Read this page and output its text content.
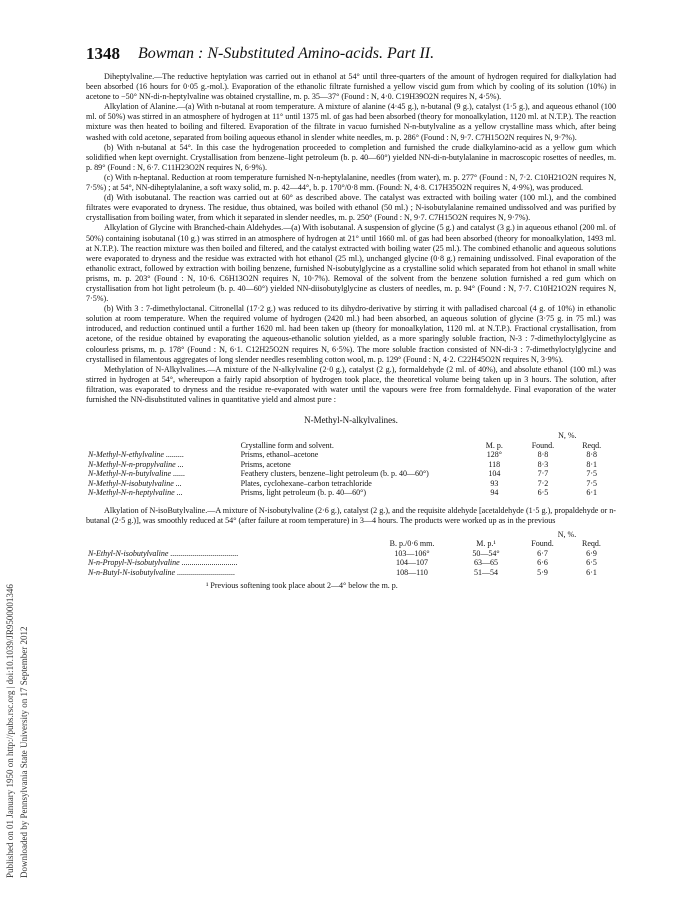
Published on 01 January 1950 on http://pubs.rsc.org | doi:10.1039/JR9500001346 Downloaded by Pennsylvania State University on 17 September 2012
1348 Bowman : N-Substituted Amino-acids. Part II.

Diheptylvaline.—The reductive heptylation was carried out in ethanol at 54° until three-quarters of the amount of hydrogen required for dialkylation had been absorbed (16 hours for 0·05 g.-mol.). Evaporation of the ethanolic filtrate furnished a yellow viscid gum from which by cooling of its solution (10%) in acetone to −50° NN-di-n-heptylvaline was obtained crystalline, m. p. 35—37° (Found : N, 4·0. C19H39O2N requires N, 4·5%).

Alkylation of Alanine.—(a) With n-butanal at room temperature. A mixture of alanine (4·45 g.), n-butanal (9 g.), catalyst (1·5 g.), and aqueous ethanol (100 ml. of 50%) was stirred in an atmosphere of hydrogen at 11° until 1375 ml. of gas had been absorbed (theory for monoalkylation, 1120 ml. at N.T.P.). The reaction mixture was then heated to boiling and filtered. Evaporation of the filtrate in vacuo furnished N-n-butylvaline as a yellow crystalline mass which, after being washed with cold acetone, separated from boiling aqueous ethanol in slender white needles, m. p. 286° (Found : N, 9·7. C7H15O2N requires N, 9·7%).

(b) With n-butanal at 54°. In this case the hydrogenation proceeded to completion and furnished the crude dialkylamino-acid as a yellow gum which solidified when kept overnight. Crystallisation from benzene–light petroleum (b. p. 40—60°) yielded NN-di-n-butylalanine in macroscopic rosettes of needles, m. p. 89° (Found : N, 6·7. C11H23O2N requires N, 6·9%).

(c) With n-heptanal. Reduction at room temperature furnished N-n-heptylalanine, needles (from water), m. p. 277° (Found : N, 7·2. C10H21O2N requires N, 7·5%) ; at 54°, NN-diheptylalanine, a soft waxy solid, m. p. 42—44°, b. p. 170°/0·8 mm. (Found: N, 4·8. C17H35O2N requires N, 4·9%), was produced.

(d) With isobutanal. The reaction was carried out at 60° as described above. The catalyst was extracted with boiling water (100 ml.), and the combined filtrates were evaporated to dryness. The residue, thus obtained, was boiled with ethanol (50 ml.) ; N-isobutylalanine remained undissolved and was purified by crystallisation from boiling water, from which it separated in slender needles, m. p. 250° (Found : N, 9·7. C7H15O2N requires N, 9·7%).

Alkylation of Glycine with Branched-chain Aldehydes.—(a) With isobutanal. A suspension of glycine (5 g.) and catalyst (3 g.) in aqueous ethanol (200 ml. of 50%) containing isobutanal (10 g.) was stirred in an atmosphere of hydrogen at 21° until 1660 ml. of gas had been absorbed (theory for monoalkylation, 1493 ml. at N.T.P.). The reaction mixture was then boiled and filtered, and the catalyst extracted with boiling water (25 ml.). The combined ethanolic and aqueous solutions were evaporated to dryness and the residue was extracted with hot ethanol (25 ml.), unchanged glycine (0·8 g.) remaining undissolved. Final evaporation of the ethanolic extract, followed by extraction with boiling benzene, furnished N-isobutylglycine as a crystalline solid which separated from hot ethanol in small white prisms, m. p. 203° (Found : N, 10·6. C6H13O2N requires N, 10·7%). Removal of the solvent from the benzene solution furnished a red gum which on crystallisation from hot light petroleum (b. p. 40—60°) yielded NN-diisobutylglycine as clusters of needles, m. p. 94° (Found : N, 7·7. C10H21O2N requires N, 7·5%).

(b) With 3 : 7-dimethyloctanal. Citronellal (17·2 g.) was reduced to its dihydro-derivative by stirring it with palladised charcoal (4 g. of 10%) in ethanolic solution at room temperature. When the required volume of hydrogen (2420 ml.) had been absorbed, an aqueous solution of glycine (3·75 g. in 75 ml.) was introduced, and reduction continued until a further 1620 ml. had been taken up (theory for monoalkylation, 1120 ml. at N.T.P.). Fractional crystallisation, from acetone, of the residue obtained by evaporating the aqueous-ethanolic solution yielded, as a more sparingly soluble fraction, N-3 : 7-dimethyloctylglycine as colourless prisms, m. p. 178° (Found : N, 6·1. C12H25O2N requires N, 6·5%). The more soluble fraction consisted of NN-di-3 : 7-dimethyloctylglycine and crystallised in filamentous aggregates of long slender needles resembling cotton wool, m. p. 129° (Found : N, 4·2. C22H45O2N requires N, 3·9%).

Methylation of N-Alkylvalines.—A mixture of the N-alkylvaline (2·0 g.), catalyst (2 g.), formaldehyde (2 ml. of 40%), and absolute ethanol (100 ml.) was stirred in hydrogen at 54°, whereupon a fairly rapid absorption of hydrogen took place, the theoretical volume being taken up in 3 hours. The solution, after filtration, was evaporated to dryness and the residue re-evaporated with water until the vapours were free from formaldehyde. Final evaporation of the water furnished the NN-disubstituted valines in quantitative yield and almost pure :

N-Methyl-N-alkylvalines.
			N, %.	
	Crystalline form and solvent.	M. p.	Found.	Reqd.
N-Methyl-N-ethylvaline .........	Prisms, ethanol–acetone	128°	8·8	8·8
N-Methyl-N-n-propylvaline ...	Prisms, acetone	118	8·3	8·1
N-Methyl-N-n-butylvaline ......	Feathery clusters, benzene–light petroleum (b. p. 40—60°)	104	7·7	7·5
N-Methyl-N-isobutylvaline ...	Plates, cyclohexane–carbon tetrachloride	93	7·2	7·5
N-Methyl-N-n-heptylvaline ...	Prisms, light petroleum (b. p. 40—60°)	94	6·5	6·1

Alkylation of N-isoButylvaline.—A mixture of N-isobutylvaline (2·6 g.), catalyst (2 g.), and the requisite aldehyde [acetaldehyde (1·5 g.), propaldehyde or n-butanal (2·5 g.)], was smoothly reduced at 54° (after failure at room temperature) in 3—4 hours. The products were worked up as in the previous

			N, %.	
	B. p./0·6 mm.	M. p.¹	Found.	Reqd.
N-Ethyl-N-isobutylvaline ..................................	103—106°	50—54°	6·7	6·9
N-n-Propyl-N-isobutylvaline ............................	104—107	63—65	6·6	6·5
N-n-Butyl-N-isobutylvaline .............................	108—110	51—54	5·9	6·1
¹ Previous softening took place about 2—4° below the m. p.
